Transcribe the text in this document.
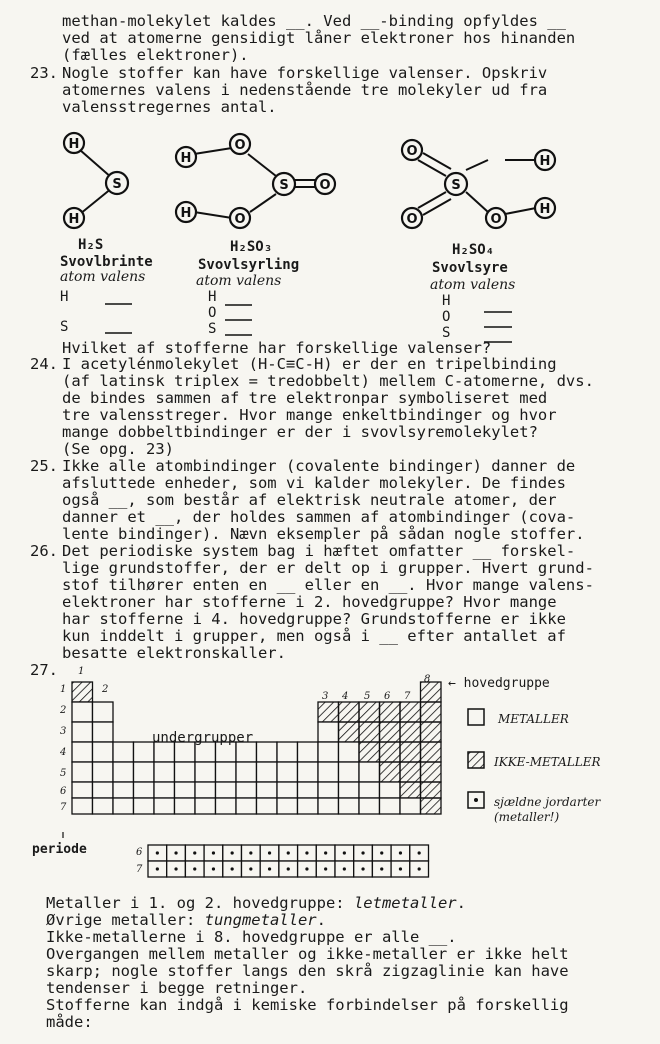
methan-molekylet kaldes __. Ved __-binding opfyldes __
ved at atomerne gensidigt låner elektroner hos hinanden
(fælles elektroner).
23. Nogle stoffer kan have forskellige valenser. Opskriv
atomernes valens i nedenstående tre molekyler ud fra
valensstregernes antal.
H
S
H
H
O
S O
O
H
O
H
S
O	O
H
H₂S
Svovlbrinte
atom valens
H
S
H₂SO₃
Svovlsyrling
atom valens
H
O
S
H₂SO₄
Svovlsyre
atom valens
H
O
S
Hvilket af stofferne har forskellige valenser?
24. I acetylénmolekylet (H-C≡C-H) er der en tripelbinding
(af latinsk triplex = tredobbelt) mellem C-atomerne, dvs.
de bindes sammen af tre elektronpar symboliseret med
tre valensstreger. Hvor mange enkeltbindinger og hvor
mange dobbeltbindinger er der i svovlsyremolekylet?
(Se opg. 23)
25. Ikke alle atombindinger (covalente bindinger) danner de
afsluttede enheder, som vi kalder molekyler. De findes
også __, som består af elektrisk neutrale atomer, der
danner et __, der holdes sammen af atombindinger (cova-
lente bindinger). Nævn eksempler på sådan nogle stoffer.
26. Det periodiske system bag i hæftet omfatter __ forskel-
lige grundstoffer, der er delt op i grupper. Hvert grund-
stof tilhører enten en __ eller en __. Hvor mange valens-
elektroner har stofferne i 2. hovedgruppe? Hvor mange
har stofferne i 4. hovedgruppe? Grundstofferne er ikke
kun inddelt i grupper, men også i __ efter antallet af
besatte elektronskaller.
27. 1
2
3 4 5 6 7
8 ← hovedgruppe
1
2
3
4
5
6
7
undergrupper
periode	6
7
METALLER
IKKE-METALLER
sjældne jordarter
(metaller!)
Metaller i 1. og 2. hovedgruppe: letmetaller.
Øvrige metaller: tungmetaller.
Ikke-metallerne i 8. hovedgruppe er alle __.
Overgangen mellem metaller og ikke-metaller er ikke helt
skarp; nogle stoffer langs den skrå zigzaglinie kan have
tendenser i begge retninger.
Stofferne kan indgå i kemiske forbindelser på forskellig
måde:
